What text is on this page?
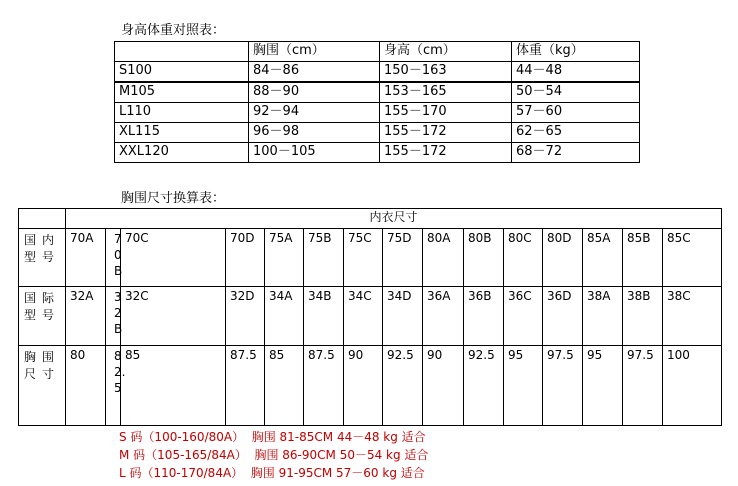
身高体重对照表：
	胸围（cm）	身高（cm）	体重（kg）
S100	84－86	150－163	44－48
M105	88－90	153－165	50－54
L110	92－94	155－170	57－60
XL115	96－98	155－172	62－65
XXL120	100－105	155－172	68－72
胸围尺寸换算表：
	内衣尺寸															
国内型号	70A	70B	70C	70D	75A	75B	75C	75D	80A	80B	80C	80D	85A	85B	85C	
国际型号	32A	32B	32C	32D	34A	34B	34C	34D	36A	36B	36C	36D	38A	38B	38C	
胸围尺寸	80	82.5	85	87.5	85	87.5	90	92.5	90	92.5	95	97.5	95	97.5	100	
S 码（100-160/80A）  胸围 81-85CM 44－48 kg 适合
M 码（105-165/84A）  胸围 86-90CM 50－54 kg 适合
L 码（110-170/84A）  胸围 91-95CM 57－60 kg 适合
